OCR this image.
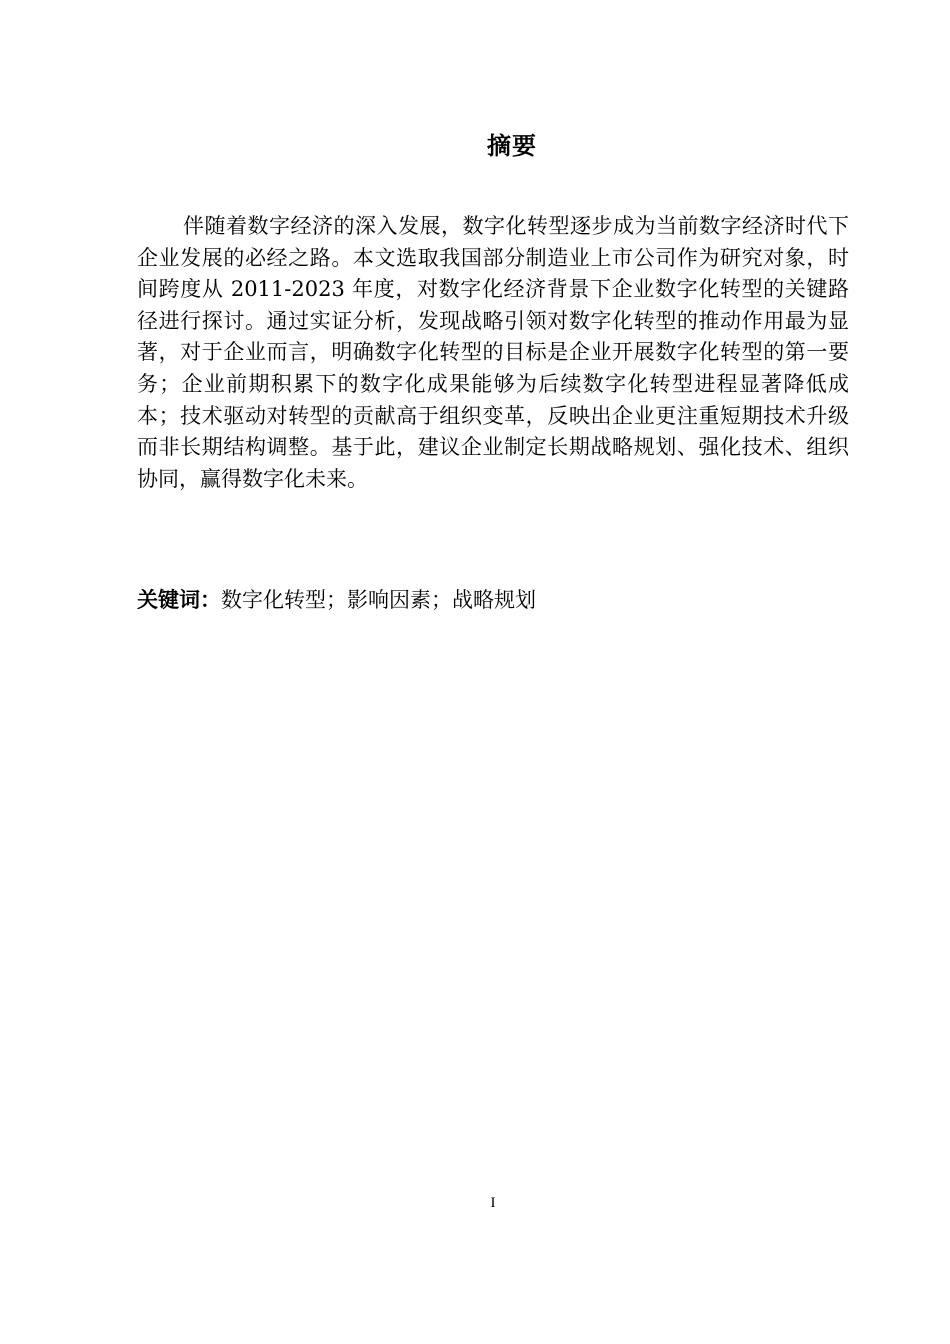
摘要

伴随着数字经济的深入发展，数字化转型逐步成为当前数字经济时代下企业发展的必经之路。本文选取我国部分制造业上市公司作为研究对象，时间跨度从 2011-2023 年度，对数字化经济背景下企业数字化转型的关键路径进行探讨。通过实证分析，发现战略引领对数字化转型的推动作用最为显著，对于企业而言，明确数字化转型的目标是企业开展数字化转型的第一要务；企业前期积累下的数字化成果能够为后续数字化转型进程显著降低成本；技术驱动对转型的贡献高于组织变革，反映出企业更注重短期技术升级而非长期结构调整。基于此，建议企业制定长期战略规划、强化技术、组织协同，赢得数字化未来。

关键词：数字化转型；影响因素；战略规划

I
